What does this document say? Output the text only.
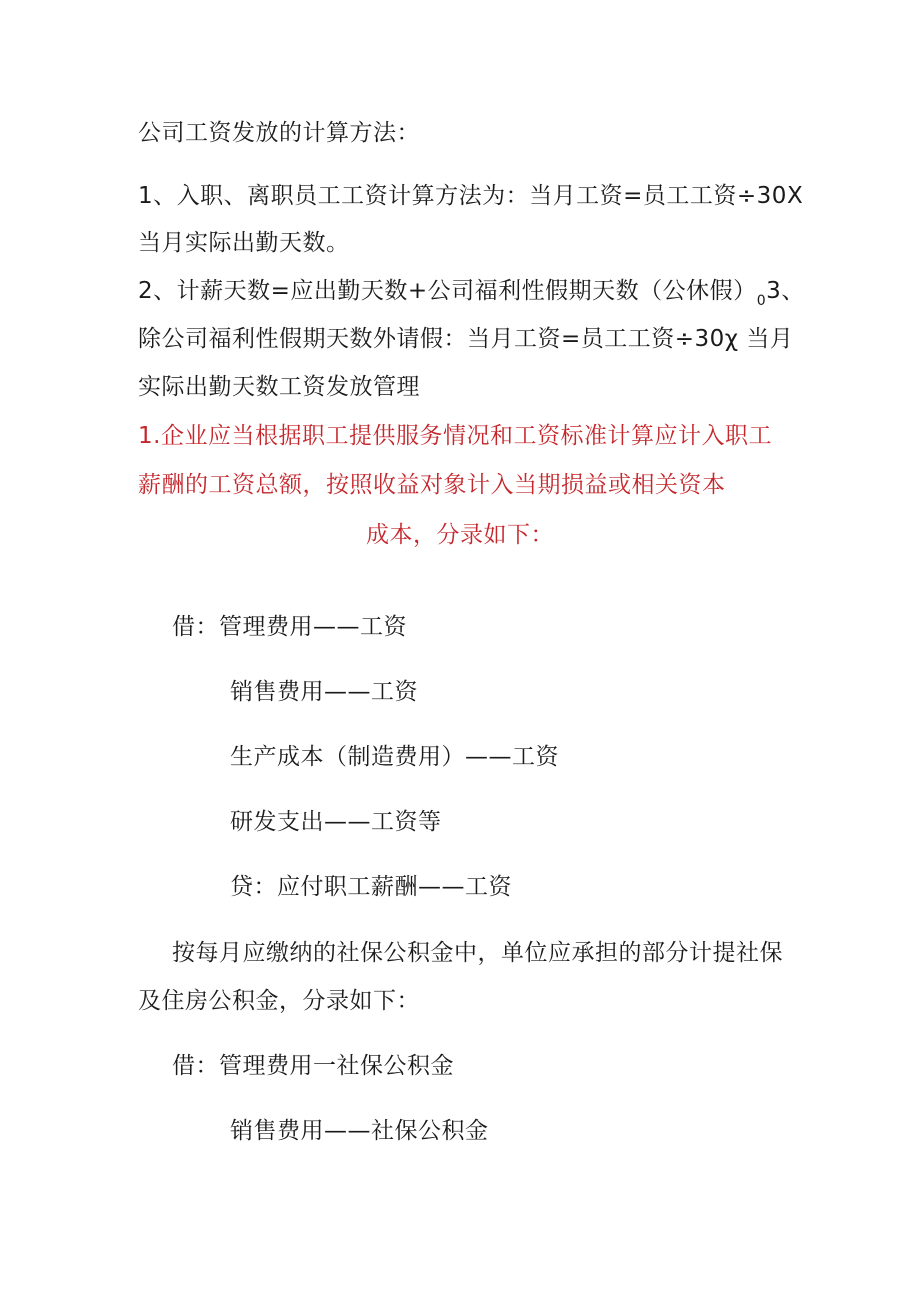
公司工资发放的计算方法：
1、入职、离职员工工资计算方法为：当月工资=员工工资÷30X
当月实际出勤天数。
2、计薪天数=应出勤天数+公司福利性假期天数（公休假）$_03$、
除公司福利性假期天数外请假：当月工资=员工工资÷30χ 当月
实际出勤天数工资发放管理
1.企业应当根据职工提供服务情况和工资标准计算应计入职工
薪酬的工资总额，按照收益对象计入当期损益或相关资本
成本，分录如下：
借：管理费用——工资
销售费用——工资
生产成本（制造费用）——工资
研发支出——工资等
贷：应付职工薪酬——工资
按每月应缴纳的社保公积金中，单位应承担的部分计提社保
及住房公积金，分录如下：
借：管理费用一社保公积金
销售费用——社保公积金
